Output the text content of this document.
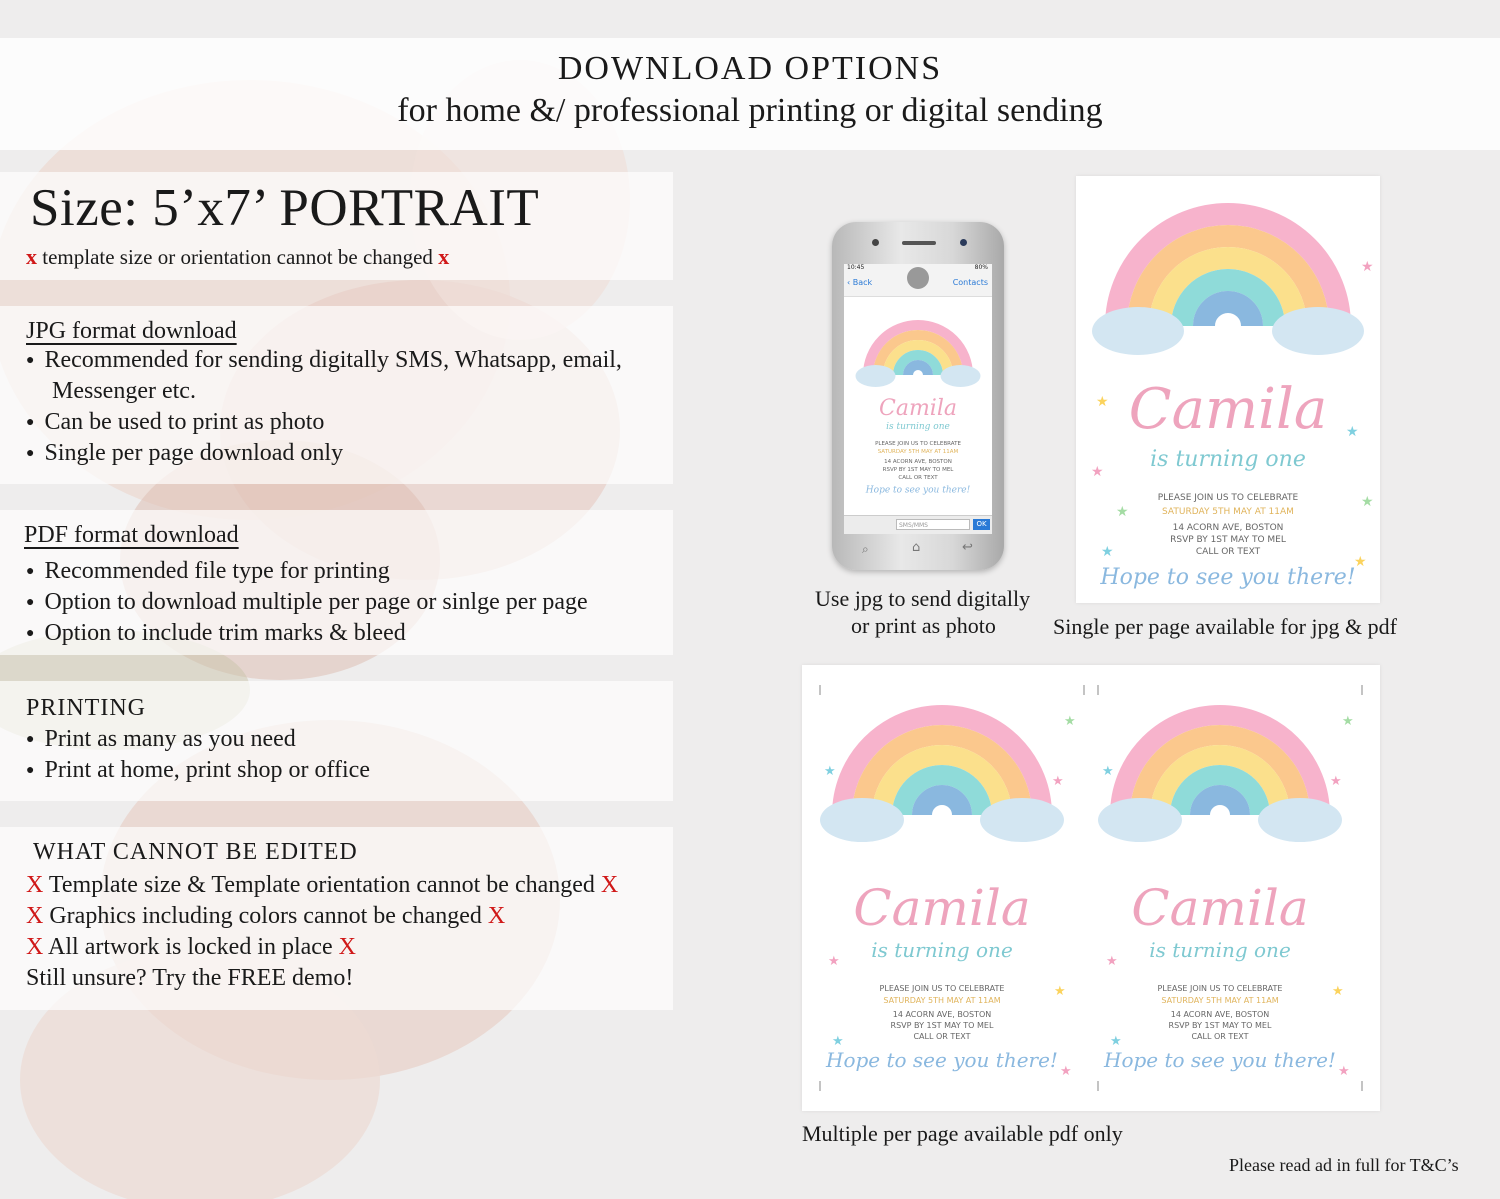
DOWNLOAD OPTIONS
for home &/ professional printing or digital sending
Size: 5’x7’ PORTRAIT
x template size or orientation cannot be changed x
JPG format download
● Recommended for sending digitally SMS, Whatsapp, email,
Messenger etc.
● Can be used to print as photo
● Single per page download only
PDF format download
● Recommended file type for printing
● Option to download multiple per page or sinlge per page
● Option to include trim marks & bleed
PRINTING
● Print as many as you need
● Print at home, print shop or office
WHAT CANNOT BE EDITED
X Template size & Template orientation cannot be changed X
X Graphics including colors cannot be changed X
X All artwork is locked in place X
Still unsure? Try the FREE demo!
10:45	80%
‹ Back	Contacts
Camila
is turning one
PLEASE JOIN US TO CELEBRATE
SATURDAY 5TH MAY AT 11AM
14 ACORN AVE, BOSTON
RSVP BY 1ST MAY TO MEL
CALL OR TEXT
Hope to see you there!
SMS/MMS	OK
⌕	⌂	↩
Use jpg to send digitally
or print as photo
★
★
★
★
★
★
★
★
Camila
is turning one
PLEASE JOIN US TO CELEBRATE
SATURDAY 5TH MAY AT 11AM
14 ACORN AVE, BOSTON
RSVP BY 1ST MAY TO MEL
CALL OR TEXT
Hope to see you there!
Single per page available for jpg & pdf
Camila
is turning one
PLEASE JOIN US TO CELEBRATE
SATURDAY 5TH MAY AT 11AM
14 ACORN AVE, BOSTON
RSVP BY 1ST MAY TO MEL
CALL OR TEXT
Hope to see you there!
★
★
★
★
★
★
★
Multiple per page available pdf only
Please read ad in full for T&C’s
